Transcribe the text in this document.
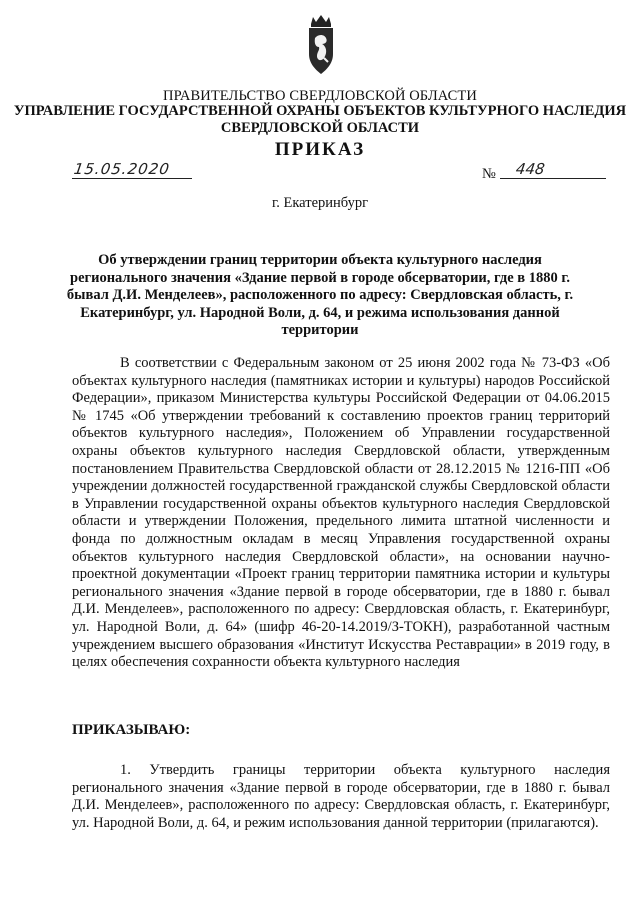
ПРАВИТЕЛЬСТВО СВЕРДЛОВСКОЙ ОБЛАСТИ
УПРАВЛЕНИЕ ГОСУДАРСТВЕННОЙ ОХРАНЫ ОБЪЕКТОВ КУЛЬТУРНОГО НАСЛЕДИЯ
СВЕРДЛОВСКОЙ ОБЛАСТИ
ПРИКАЗ
15.05.2020	№ 448
г. Екатеринбург
Об утверждении границ территории объекта культурного наследия регионального значения «Здание первой в городе обсерватории, где в 1880 г. бывал Д.И. Менделеев», расположенного по адресу: Свердловская область, г. Екатеринбург, ул. Народной Воли, д. 64, и режима использования данной территории
В соответствии с Федеральным законом от 25 июня 2002 года № 73-ФЗ «Об объектах культурного наследия (памятниках истории и культуры) народов Российской Федерации», приказом Министерства культуры Российской Федерации от 04.06.2015 № 1745 «Об утверждении требований к составлению проектов границ территорий объектов культурного наследия», Положением об Управлении государственной охраны объектов культурного наследия Свердловской области, утвержденным постановлением Правительства Свердловской области от 28.12.2015 № 1216-ПП «Об учреждении должностей государственной гражданской службы Свердловской области в Управлении государственной охраны объектов культурного наследия Свердловской области и утверждении Положения, предельного лимита штатной численности и фонда по должностным окладам в месяц Управления государственной охраны объектов культурного наследия Свердловской области», на основании научно-проектной документации «Проект границ территории памятника истории и культуры регионального значения «Здание первой в городе обсерватории, где в 1880 г. бывал Д.И. Менделеев», расположенного по адресу: Свердловская область, г. Екатеринбург, ул. Народной Воли, д. 64» (шифр 46-20-14.2019/З-ТОКН), разработанной частным учреждением высшего образования «Институт Искусства Реставрации» в 2019 году, в целях обеспечения сохранности объекта культурного наследия
ПРИКАЗЫВАЮ:
1. Утвердить границы территории объекта культурного наследия регионального значения «Здание первой в городе обсерватории, где в 1880 г. бывал Д.И. Менделеев», расположенного по адресу: Свердловская область, г. Екатеринбург, ул. Народной Воли, д. 64, и режим использования данной территории (прилагаются).
